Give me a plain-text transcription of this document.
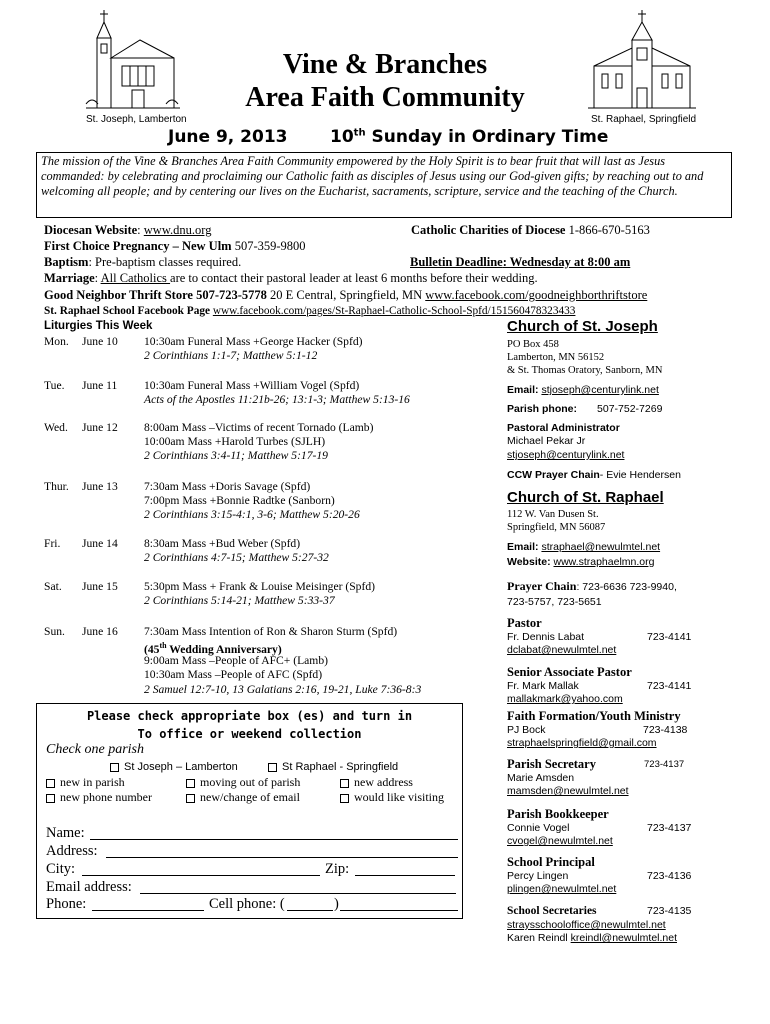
Vine & Branches
Area Faith Community
St. Joseph, Lamberton	St. Raphael, Springfield
June 9, 2013	10th Sunday in Ordinary Time
The mission of the Vine & Branches Area Faith Community empowered by the Holy Spirit is to bear fruit that will last as Jesus commanded: by celebrating and proclaiming our Catholic faith as disciples of Jesus using our God-given gifts; by reaching out to and welcoming all people; and by centering our lives on the Eucharist, sacraments, scripture, service and the teaching of the Church.
Diocesan Website: www.dnu.org	Catholic Charities of Diocese 1-866-670-5163
First Choice Pregnancy – New Ulm 507-359-9800
Baptism: Pre-baptism classes required.	Bulletin Deadline: Wednesday at 8:00 am
Marriage: All Catholics are to contact their pastoral leader at least 6 months before their wedding.
Good Neighbor Thrift Store 507-723-5778 20 E Central, Springfield, MN www.facebook.com/goodneighborthriftstore
St. Raphael School Facebook Page www.facebook.com/pages/St-Raphael-Catholic-School-Spfd/151560478323433
Liturgies This Week
Mon. June 10 10:30am Funeral Mass +George Hacker (Spfd)
2 Corinthians 1:1-7; Matthew 5:1-12
Tue. June 11 10:30am Funeral Mass +William Vogel (Spfd)
Acts of the Apostles 11:21b-26; 13:1-3; Matthew 5:13-16
Wed. June 12 8:00am Mass –Victims of recent Tornado (Lamb)
10:00am Mass +Harold Turbes (SJLH)
2 Corinthians 3:4-11; Matthew 5:17-19
Thur. June 13 7:30am Mass +Doris Savage (Spfd)
7:00pm Mass +Bonnie Radtke (Sanborn)
2 Corinthians 3:15-4:1, 3-6; Matthew 5:20-26
Fri. June 14 8:30am Mass +Bud Weber (Spfd)
2 Corinthians 4:7-15; Matthew 5:27-32
Sat. June 15 5:30pm Mass + Frank & Louise Meisinger (Spfd)
2 Corinthians 5:14-21; Matthew 5:33-37
Sun. June 16 7:30am Mass Intention of Ron & Sharon Sturm (Spfd)
(45th Wedding Anniversary)
9:00am Mass –People of AFC+ (Lamb)
10:30am Mass –People of AFC (Spfd)
2 Samuel 12:7-10, 13 Galatians 2:16, 19-21, Luke 7:36-8:3
Please check appropriate box (es) and turn in
To office or weekend collection
Check one parish
St Joseph – Lamberton	St Raphael - Springfield
new in parish	moving out of parish	new address
new phone number	new/change of email	would like visiting
Name:
Address:
City:	Zip:
Email address:
Phone:	Cell phone: (	)
Church of St. Joseph
PO Box 458
Lamberton, MN 56152
& St. Thomas Oratory, Sanborn, MN
Email: stjoseph@centurylink.net
Parish phone: 507-752-7269
Pastoral Administrator
Michael Pekar Jr
stjoseph@centurylink.net
CCW Prayer Chain- Evie Hendersen
Church of St. Raphael
112 W. Van Dusen St.
Springfield, MN 56087
Email: straphael@newulmtel.net
Website: www.straphaelmn.org
Prayer Chain: 723-6636 723-9940,
723-5757, 723-5651
Pastor
Fr. Dennis Labat	723-4141
dclabat@newulmtel.net
Senior Associate Pastor
Fr. Mark Mallak	723-4141
mallakmark@yahoo.com
Faith Formation/Youth Ministry
PJ Bock	723-4138
straphaelspringfield@gmail.com
Parish Secretary	723-4137
Marie Amsden
mamsden@newulmtel.net
Parish Bookkeeper
Connie Vogel	723-4137
cvogel@newulmtel.net
School Principal
Percy Lingen	723-4136
plingen@newulmtel.net
School Secretaries	723-4135
straysschooloffice@newulmtel.net
Karen Reindl kreindl@newulmtel.net
